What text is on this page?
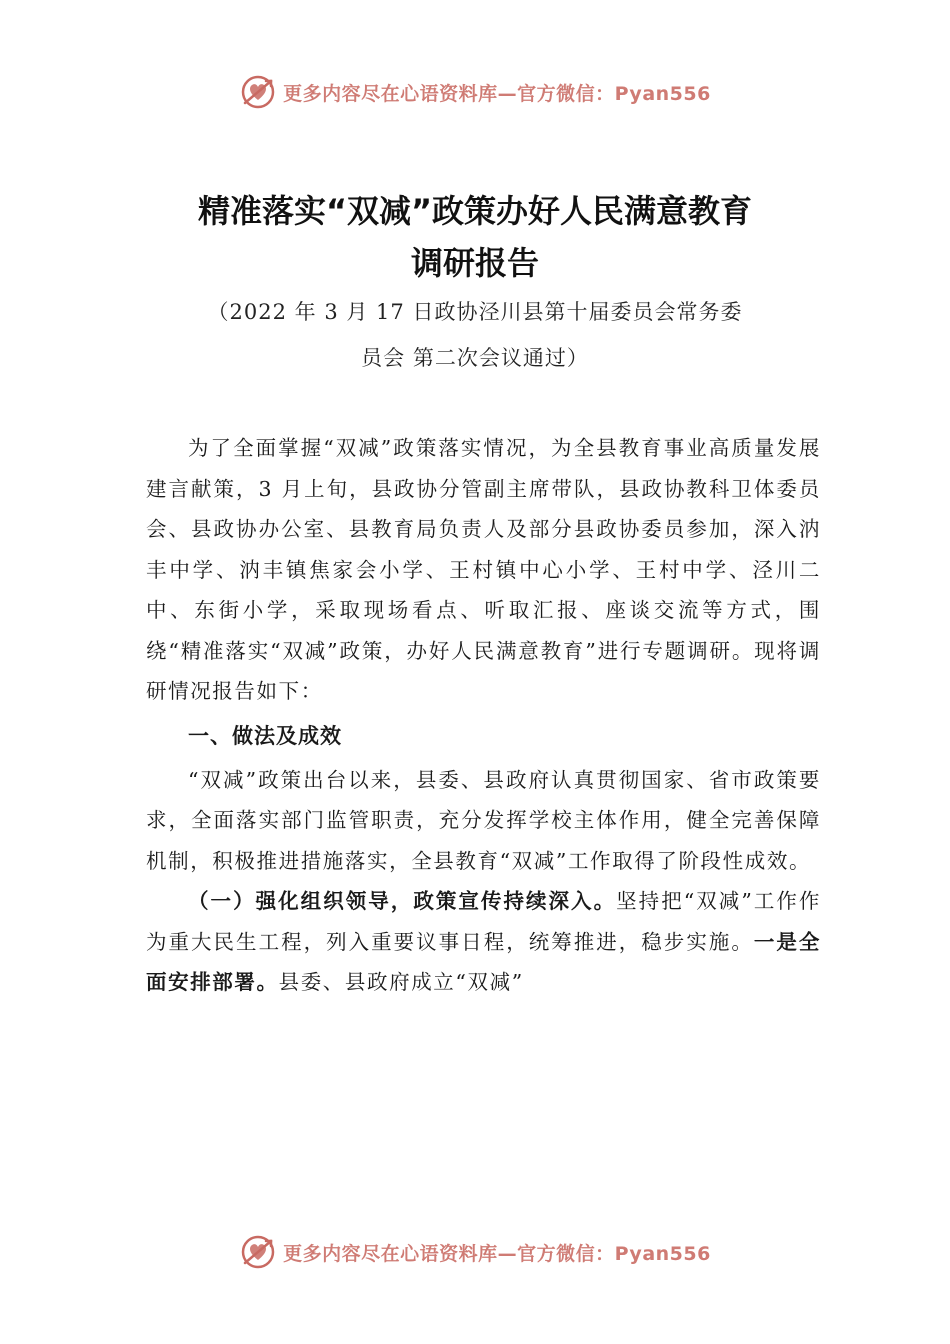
更多内容尽在心语资料库—官方微信：Pyan556
精准落实“双减”政策办好人民满意教育
调研报告
（2022 年 3 月 17 日政协泾川县第十届委员会常务委
员会 第二次会议通过）

为了全面掌握“双减”政策落实情况，为全县教育事业高质量发展建言献策，3 月上旬，县政协分管副主席带队，县政协教科卫体委员会、县政协办公室、县教育局负责人及部分县政协委员参加，深入汭丰中学、汭丰镇焦家会小学、王村镇中心小学、王村中学、泾川二中、东街小学，采取现场看点、听取汇报、座谈交流等方式，围绕“精准落实“双减”政策，办好人民满意教育”进行专题调研。现将调研情况报告如下：

一、做法及成效

“双减”政策出台以来，县委、县政府认真贯彻国家、省市政策要求，全面落实部门监管职责，充分发挥学校主体作用，健全完善保障机制，积极推进措施落实，全县教育“双减”工作取得了阶段性成效。

（一）强化组织领导，政策宣传持续深入。坚持把“双减”工作作为重大民生工程，列入重要议事日程，统筹推进，稳步实施。一是全面安排部署。县委、县政府成立“双减”

更多内容尽在心语资料库—官方微信：Pyan556
